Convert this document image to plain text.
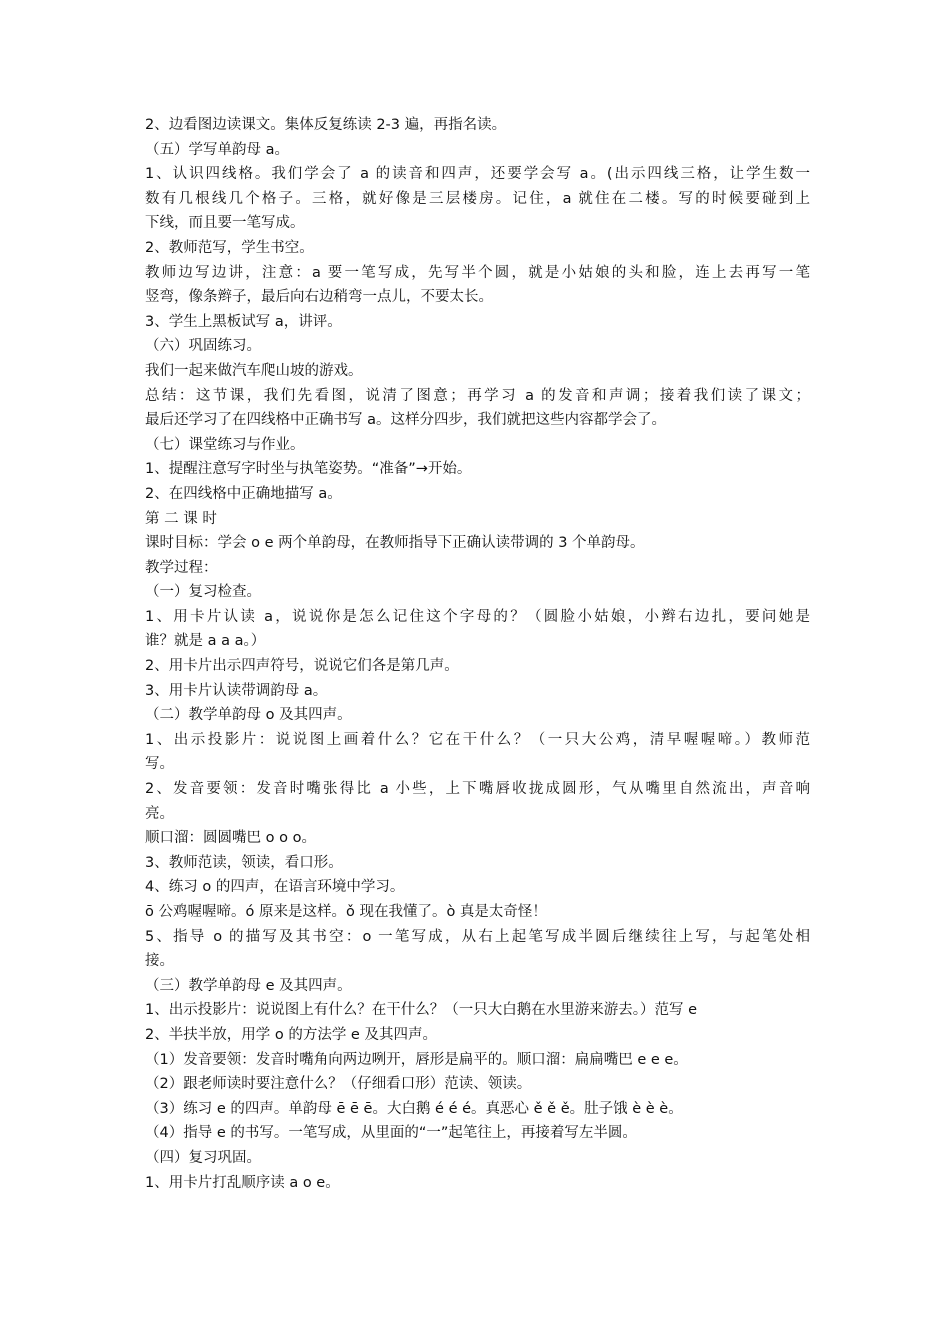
2、边看图边读课文。集体反复练读 2-3 遍，再指名读。
（五）学写单韵母 a。
1、认识四线格。我们学会了 a 的读音和四声，还要学会写 a。(出示四线三格，让学生数一
数有几根线几个格子。三格，就好像是三层楼房。记住，a 就住在二楼。写的时候要碰到上
下线，而且要一笔写成。
2、教师范写，学生书空。
教师边写边讲，注意：a 要一笔写成，先写半个圆，就是小姑娘的头和脸，连上去再写一笔
竖弯，像条辫子，最后向右边稍弯一点儿，不要太长。
3、学生上黑板试写 a，讲评。
（六）巩固练习。
我们一起来做汽车爬山坡的游戏。
总结：这节课，我们先看图，说清了图意；再学习 a 的发音和声调；接着我们读了课文；
最后还学习了在四线格中正确书写 a。这样分四步，我们就把这些内容都学会了。
（七）课堂练习与作业。
1、提醒注意写字时坐与执笔姿势。“准备”→开始。
2、在四线格中正确地描写 a。
第 二 课 时
课时目标：学会 o e 两个单韵母，在教师指导下正确认读带调的 3 个单韵母。
教学过程：
（一）复习检查。
1、用卡片认读 a，说说你是怎么记住这个字母的？（圆脸小姑娘，小辫右边扎，要问她是
谁？就是 a a a。）
2、用卡片出示四声符号，说说它们各是第几声。
3、用卡片认读带调韵母 a。
（二）教学单韵母 o 及其四声。
1、出示投影片：说说图上画着什么？它在干什么？（一只大公鸡，清早喔喔啼。）教师范
写。
2、发音要领：发音时嘴张得比 a 小些，上下嘴唇收拢成圆形，气从嘴里自然流出，声音响
亮。
顺口溜：圆圆嘴巴 o o o。
3、教师范读，领读，看口形。
4、练习 o 的四声，在语言环境中学习。
ō 公鸡喔喔啼。ó 原来是这样。ǒ 现在我懂了。ò 真是太奇怪！
5、指导 o 的描写及其书空：o 一笔写成，从右上起笔写成半圆后继续往上写，与起笔处相
接。
（三）教学单韵母 e 及其四声。
1、出示投影片：说说图上有什么？在干什么？（一只大白鹅在水里游来游去。）范写 e
2、半扶半放，用学 o 的方法学 e 及其四声。
（1）发音要领：发音时嘴角向两边咧开，唇形是扁平的。顺口溜：扁扁嘴巴 e e e。
（2）跟老师读时要注意什么？（仔细看口形）范读、领读。
（3）练习 e 的四声。单韵母 ē ē ē。大白鹅 é é é。真恶心 ě ě ě。肚子饿 è è è。
（4）指导 e 的书写。一笔写成，从里面的“一”起笔往上，再接着写左半圆。
（四）复习巩固。
1、用卡片打乱顺序读 a o e。
